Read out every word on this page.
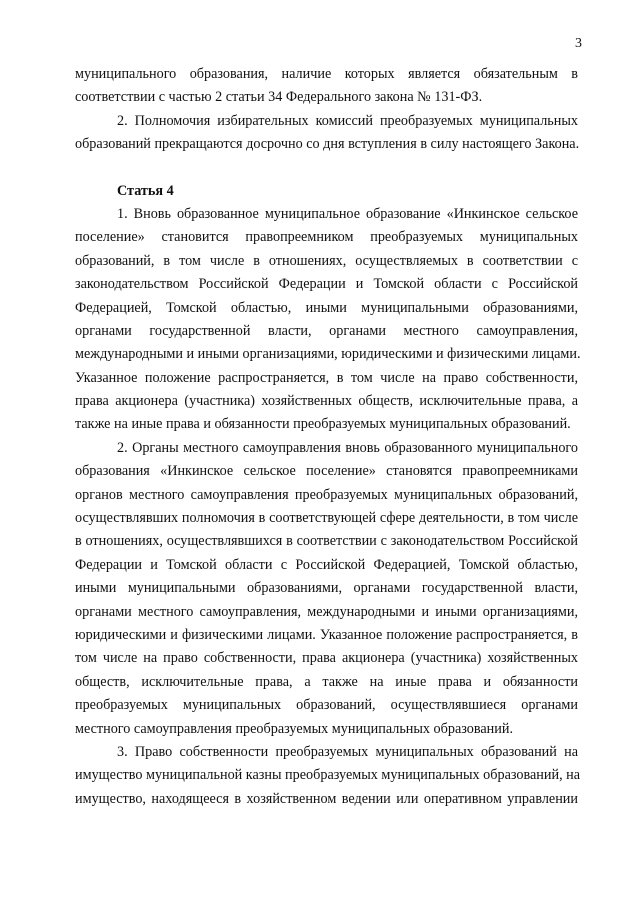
3
муниципального образования, наличие которых является обязательным в
соответствии с частью 2 статьи 34 Федерального закона № 131-ФЗ.
2. Полномочия избирательных комиссий преобразуемых муниципальных
образований прекращаются досрочно со дня вступления в силу настоящего Закона.
Статья 4
1. Вновь образованное муниципальное образование «Инкинское сельское
поселение» становится правопреемником преобразуемых муниципальных
образований, в том числе в отношениях, осуществляемых в соответствии с
законодательством Российской Федерации и Томской области с Российской
Федерацией, Томской областью, иными муниципальными образованиями,
органами государственной власти, органами местного самоуправления,
международными и иными организациями, юридическими и физическими лицами.
Указанное положение распространяется, в том числе на право собственности,
права акционера (участника) хозяйственных обществ, исключительные права, а
также на иные права и обязанности преобразуемых муниципальных образований.
2. Органы местного самоуправления вновь образованного муниципального
образования «Инкинское сельское поселение» становятся правопреемниками
органов местного самоуправления преобразуемых муниципальных образований,
осуществлявших полномочия в соответствующей сфере деятельности, в том числе
в отношениях, осуществлявшихся в соответствии с законодательством Российской
Федерации и Томской области с Российской Федерацией, Томской областью,
иными муниципальными образованиями, органами государственной власти,
органами местного самоуправления, международными и иными организациями,
юридическими и физическими лицами. Указанное положение распространяется, в
том числе на право собственности, права акционера (участника) хозяйственных
обществ, исключительные права, а также на иные права и обязанности
преобразуемых муниципальных образований, осуществлявшиеся органами
местного самоуправления преобразуемых муниципальных образований.
3. Право собственности преобразуемых муниципальных образований на
имущество муниципальной казны преобразуемых муниципальных образований, на
имущество, находящееся в хозяйственном ведении или оперативном управлении
